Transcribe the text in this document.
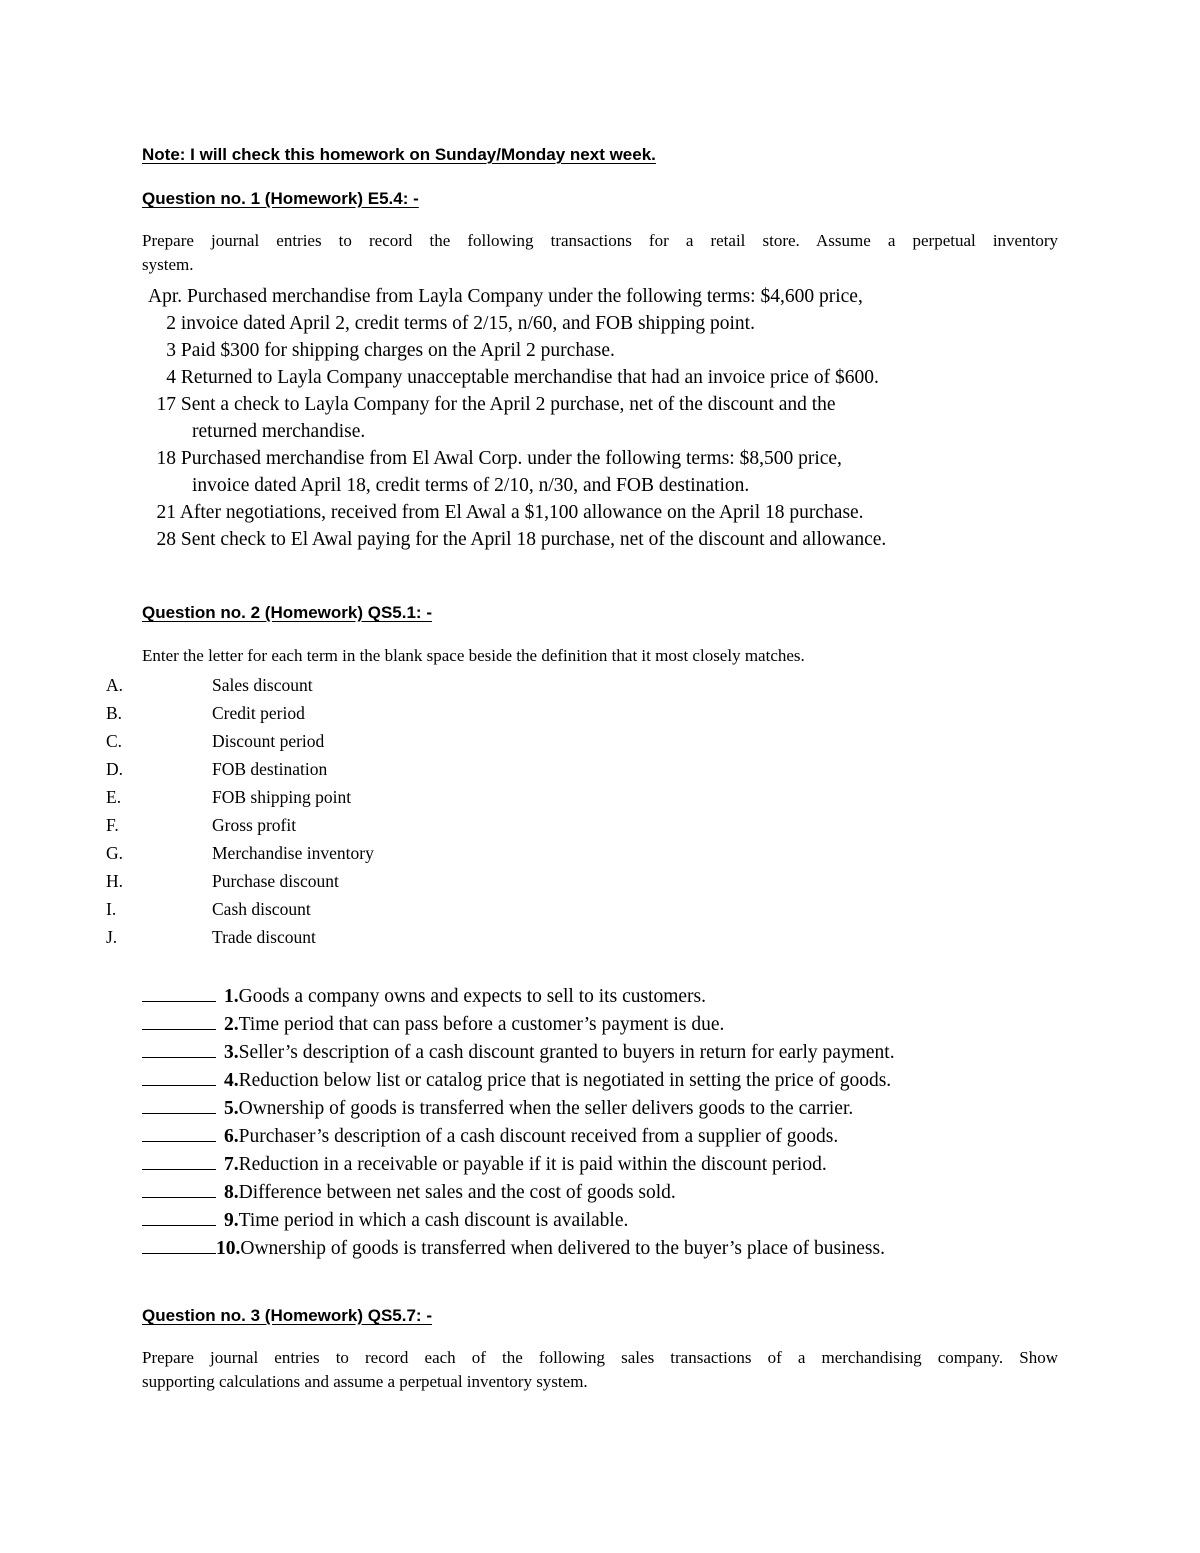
Note: I will check this homework on Sunday/Monday next week.
Question no. 1 (Homework) E5.4: -
Prepare journal entries to record the following transactions for a retail store. Assume a perpetual inventory
system.
Apr. Purchased merchandise from Layla Company under the following terms: $4,600 price,
2 invoice dated April 2, credit terms of 2/15, n/60, and FOB shipping point.
3 Paid $300 for shipping charges on the April 2 purchase.
4 Returned to Layla Company unacceptable merchandise that had an invoice price of $600.
17 Sent a check to Layla Company for the April 2 purchase, net of the discount and the
returned merchandise.
18 Purchased merchandise from El Awal Corp. under the following terms: $8,500 price,
invoice dated April 18, credit terms of 2/10, n/30, and FOB destination.
21 After negotiations, received from El Awal a $1,100 allowance on the April 18 purchase.
28 Sent check to El Awal paying for the April 18 purchase, net of the discount and allowance.
Question no. 2 (Homework) QS5.1: -
Enter the letter for each term in the blank space beside the definition that it most closely matches.
A.	Sales discount
B.	Credit period
C.	Discount period
D.	FOB destination
E.	FOB shipping point
F.	Gross profit
G.	Merchandise inventory
H.	Purchase discount
I.	Cash discount
J.	Trade discount
1.Goods a company owns and expects to sell to its customers.
2.Time period that can pass before a customer’s payment is due.
3.Seller’s description of a cash discount granted to buyers in return for early payment.
4.Reduction below list or catalog price that is negotiated in setting the price of goods.
5.Ownership of goods is transferred when the seller delivers goods to the carrier.
6.Purchaser’s description of a cash discount received from a supplier of goods.
7.Reduction in a receivable or payable if it is paid within the discount period.
8.Difference between net sales and the cost of goods sold.
9.Time period in which a cash discount is available.
10.Ownership of goods is transferred when delivered to the buyer’s place of business.
Question no. 3 (Homework) QS5.7: -
Prepare journal entries to record each of the following sales transactions of a merchandising company. Show
supporting calculations and assume a perpetual inventory system.
